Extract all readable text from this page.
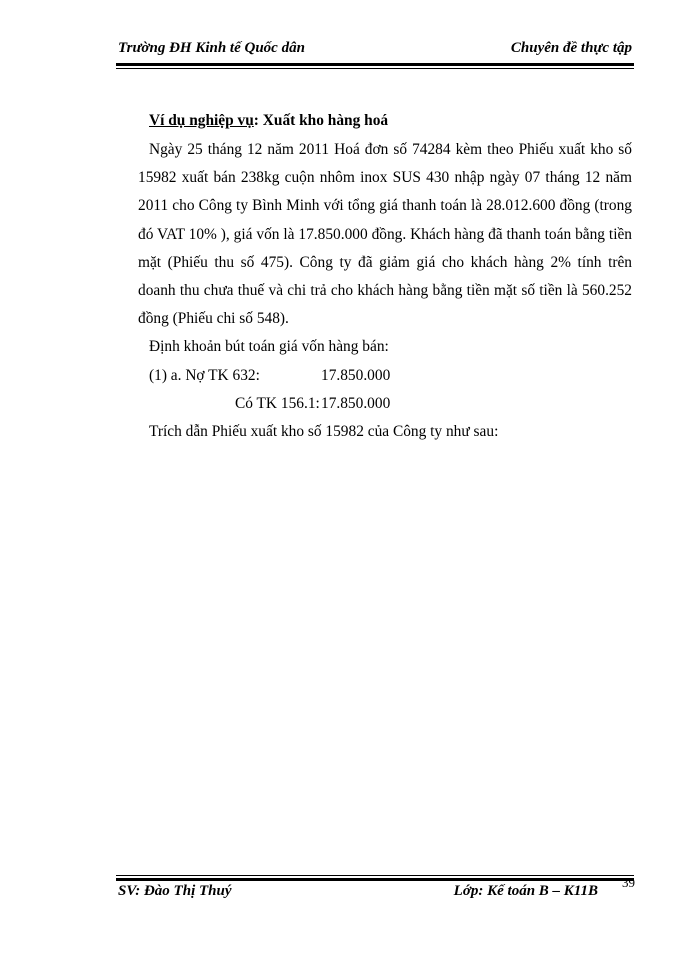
Trường ĐH Kinh tế Quốc dân	Chuyên đề thực tập

Ví dụ nghiệp vụ: Xuất kho hàng hoá

Ngày 25 tháng 12 năm 2011 Hoá đơn số 74284 kèm theo Phiếu xuất kho số 15982 xuất bán 238kg cuộn nhôm inox SUS 430 nhập ngày 07 tháng 12 năm 2011 cho Công ty Bình Minh với tổng giá thanh toán là 28.012.600 đồng (trong đó VAT 10% ), giá vốn là 17.850.000 đồng. Khách hàng đã thanh toán bằng tiền mặt (Phiếu thu số 475). Công ty đã giảm giá cho khách hàng 2% tính trên doanh thu chưa thuế và chi trả cho khách hàng bằng tiền mặt số tiền là 560.252 đồng (Phiếu chi số 548).

Định khoản bút toán giá vốn hàng bán:

(1) a. Nợ TK 632:	17.850.000
Có TK 156.1: 17.850.000

Trích dẫn Phiếu xuất kho số 15982 của Công ty như sau:

SV: Đào Thị Thuý	Lớp: Kế toán B – K11B
39
